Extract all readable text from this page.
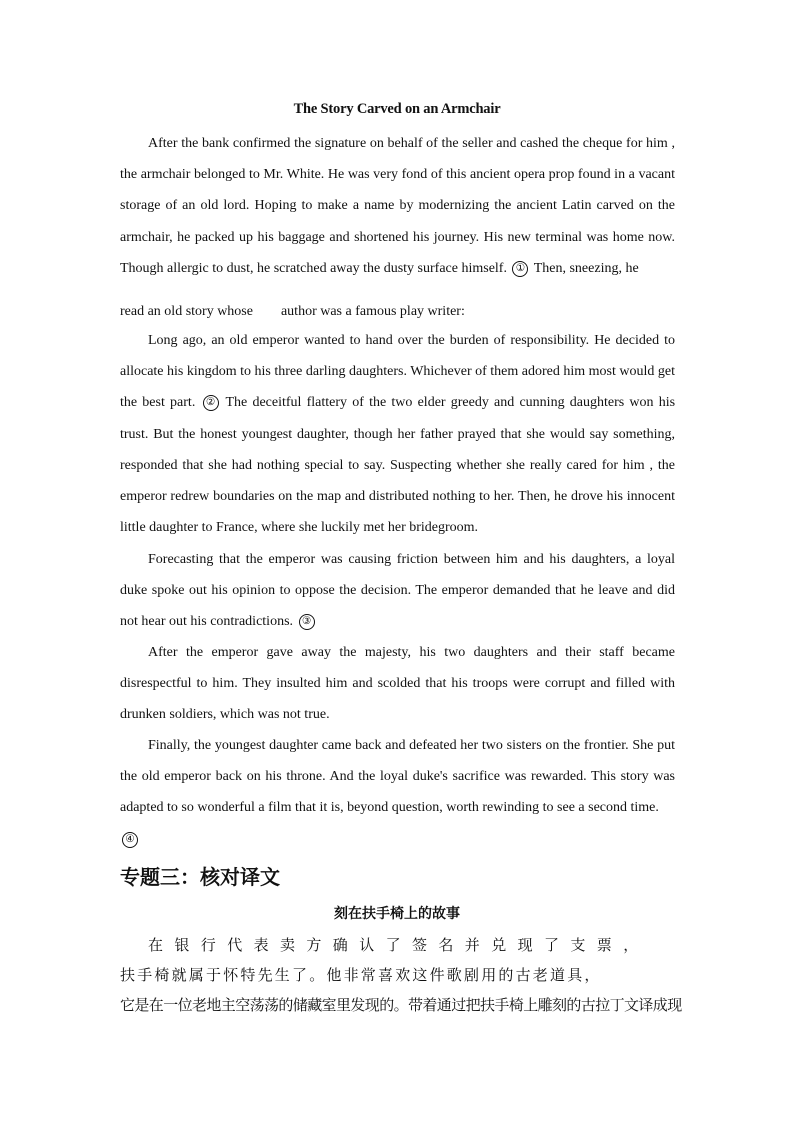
The Story Carved on an Armchair
After the bank confirmed the signature on behalf of the seller and cashed the cheque for him , the armchair belonged to Mr. White. He was very fond of this ancient opera prop found in a vacant storage of an old lord. Hoping to make a name by modernizing the ancient Latin carved on the armchair, he packed up his baggage and shortened his journey. His new terminal was home now. Though allergic to dust, he scratched away the dusty surface himself. ① Then, sneezing, he
read an old story whose author was a famous play writer:
Long ago, an old emperor wanted to hand over the burden of responsibility. He decided to allocate his kingdom to his three darling daughters. Whichever of them adored him most would get the best part. ② The deceitful flattery of the two elder greedy and cunning daughters won his trust. But the honest youngest daughter, though her father prayed that she would say something, responded that she had nothing special to say. Suspecting whether she really cared for him , the emperor redrew boundaries on the map and distributed nothing to her. Then, he drove his innocent little daughter to France, where she luckily met her bridegroom.
Forecasting that the emperor was causing friction between him and his daughters, a loyal duke spoke out his opinion to oppose the decision. The emperor demanded that he leave and did not hear out his contradictions. ③
After the emperor gave away the majesty, his two daughters and their staff became disrespectful to him. They insulted him and scolded that his troops were corrupt and filled with drunken soldiers, which was not true.
Finally, the youngest daughter came back and defeated her two sisters on the frontier. She put the old emperor back on his throne. And the loyal duke's sacrifice was rewarded. This story was adapted to so wonderful a film that it is, beyond question, worth rewinding to see a second time.
④
专题三：核对译文
刻在扶手椅上的故事
在银行代表卖方确认了签名并兑现了支票，
扶手椅就属于怀特先生了。他非常喜欢这件歌剧用的古老道具，
它是在一位老地主空荡荡的储藏室里发现的。带着通过把扶手椅上雕刻的古拉丁文译成现
